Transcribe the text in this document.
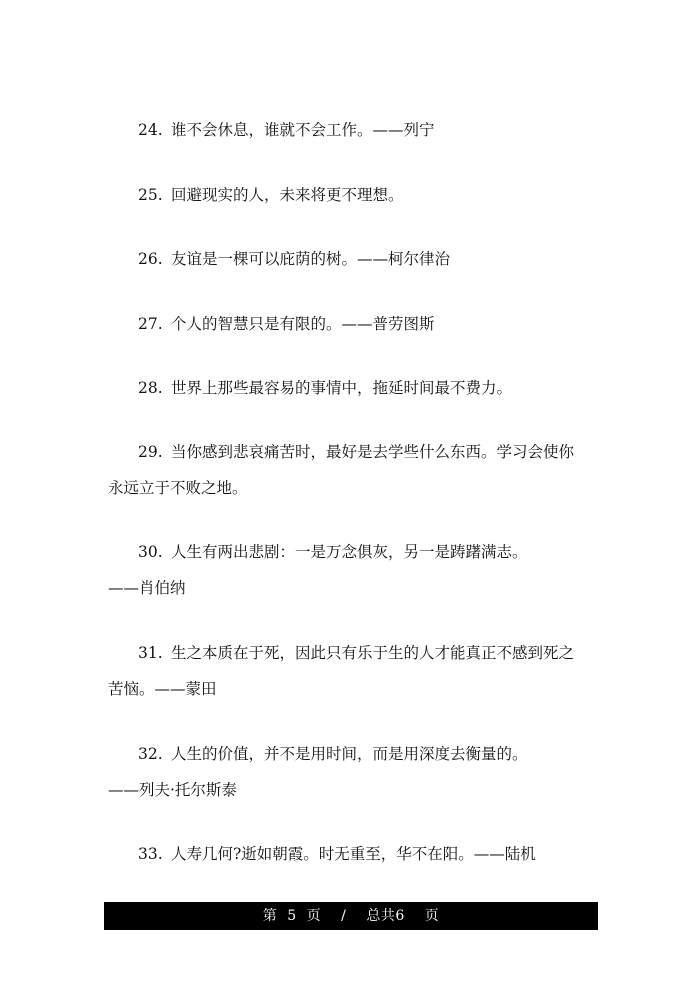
24. 谁不会休息，谁就不会工作。——列宁
25. 回避现实的人，未来将更不理想。
26. 友谊是一棵可以庇荫的树。——柯尔律治
27. 个人的智慧只是有限的。——普劳图斯
28. 世界上那些最容易的事情中，拖延时间最不费力。
29. 当你感到悲哀痛苦时，最好是去学些什么东西。学习会使你
永远立于不败之地。
30. 人生有两出悲剧：一是万念俱灰，另一是踌躇满志。
——肖伯纳
31. 生之本质在于死，因此只有乐于生的人才能真正不感到死之
苦恼。——蒙田
32. 人生的价值，并不是用时间，而是用深度去衡量的。
——列夫·托尔斯泰
33. 人寿几何?逝如朝霞。时无重至，华不在阳。——陆机
第 5 页 / 总共6 页
